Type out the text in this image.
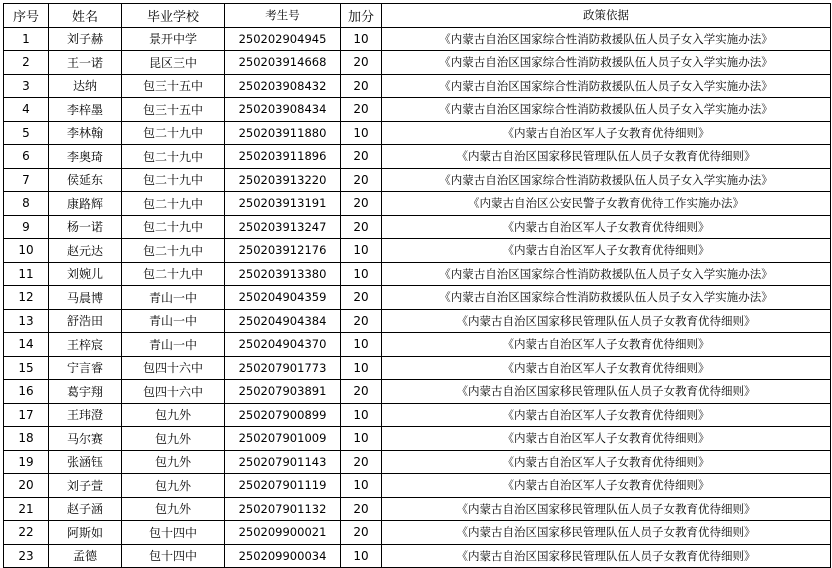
序号	姓名	毕业学校	考生号	加分	政策依据
1	刘子赫	景开中学	250202904945	10	《内蒙古自治区国家综合性消防救援队伍人员子女入学实施办法》
2	王一诺	昆区三中	250203914668	20	《内蒙古自治区国家综合性消防救援队伍人员子女入学实施办法》
3	达纳	包三十五中	250203908432	20	《内蒙古自治区国家综合性消防救援队伍人员子女入学实施办法》
4	李梓墨	包三十五中	250203908434	20	《内蒙古自治区国家综合性消防救援队伍人员子女入学实施办法》
5	李林翰	包二十九中	250203911880	10	《内蒙古自治区军人子女教育优待细则》
6	李奥琦	包二十九中	250203911896	20	《内蒙古自治区国家移民管理队伍人员子女教育优待细则》
7	侯延东	包二十九中	250203913220	20	《内蒙古自治区国家综合性消防救援队伍人员子女入学实施办法》
8	康路辉	包二十九中	250203913191	20	《内蒙古自治区公安民警子女教育优待工作实施办法》
9	杨一诺	包二十九中	250203913247	20	《内蒙古自治区军人子女教育优待细则》
10	赵元达	包二十九中	250203912176	10	《内蒙古自治区军人子女教育优待细则》
11	刘婉儿	包二十九中	250203913380	10	《内蒙古自治区国家综合性消防救援队伍人员子女入学实施办法》
12	马晨博	青山一中	250204904359	20	《内蒙古自治区国家综合性消防救援队伍人员子女入学实施办法》
13	舒浩田	青山一中	250204904384	20	《内蒙古自治区国家移民管理队伍人员子女教育优待细则》
14	王梓宸	青山一中	250204904370	10	《内蒙古自治区军人子女教育优待细则》
15	宁言睿	包四十六中	250207901773	10	《内蒙古自治区军人子女教育优待细则》
16	葛宇翔	包四十六中	250207903891	20	《内蒙古自治区国家移民管理队伍人员子女教育优待细则》
17	王玮澄	包九外	250207900899	10	《内蒙古自治区军人子女教育优待细则》
18	马尔赛	包九外	250207901009	10	《内蒙古自治区军人子女教育优待细则》
19	张涵钰	包九外	250207901143	20	《内蒙古自治区军人子女教育优待细则》
20	刘子萱	包九外	250207901119	10	《内蒙古自治区军人子女教育优待细则》
21	赵子涵	包九外	250207901132	20	《内蒙古自治区国家移民管理队伍人员子女教育优待细则》
22	阿斯如	包十四中	250209900021	20	《内蒙古自治区国家移民管理队伍人员子女教育优待细则》
23	孟德	包十四中	250209900034	10	《内蒙古自治区国家移民管理队伍人员子女教育优待细则》
